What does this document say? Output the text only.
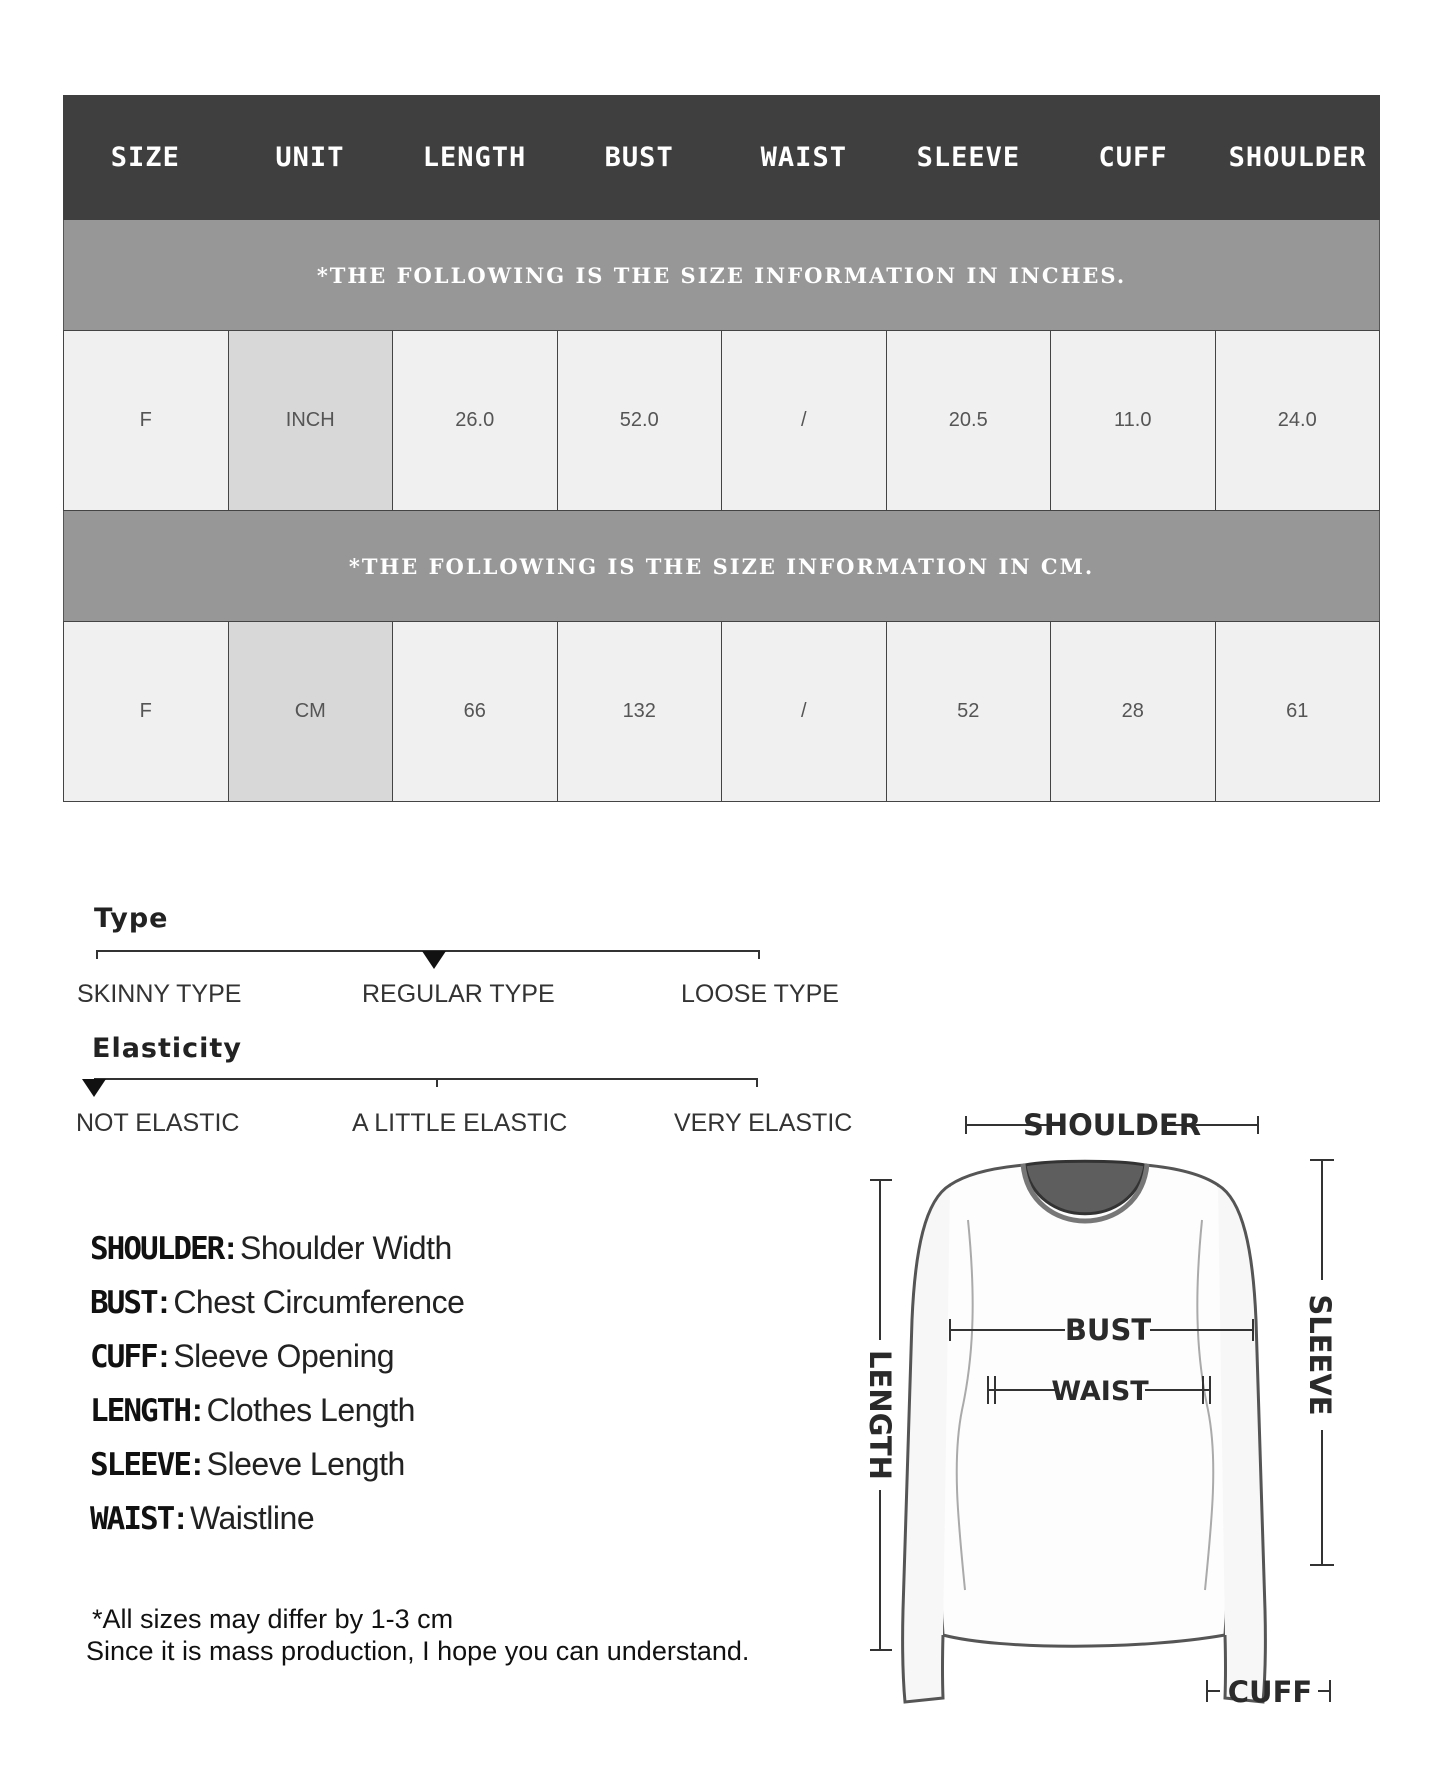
SIZE	UNIT	LENGTH	BUST	WAIST	SLEEVE	CUFF	SHOULDER
*THE FOLLOWING IS THE SIZE INFORMATION IN INCHES.
F	INCH	26.0	52.0	/	20.5	11.0	24.0
*THE FOLLOWING IS THE SIZE INFORMATION IN CM.
F	CM	66	132	/	52	28	61
Type
SKINNY TYPE	REGULAR TYPE	LOOSE TYPE
Elasticity
NOT ELASTIC	A LITTLE ELASTIC	VERY ELASTIC
SHOULDER : Shoulder Width
BUST : Chest Circumference
CUFF : Sleeve Opening
LENGTH : Clothes Length
SLEEVE : Sleeve Length
WAIST : Waistline
*All sizes may differ by 1-3 cm
Since it is mass production, I hope you can understand.
SHOULDER
BUST
WAIST
LENGTH	SLEEVE
CUFF
